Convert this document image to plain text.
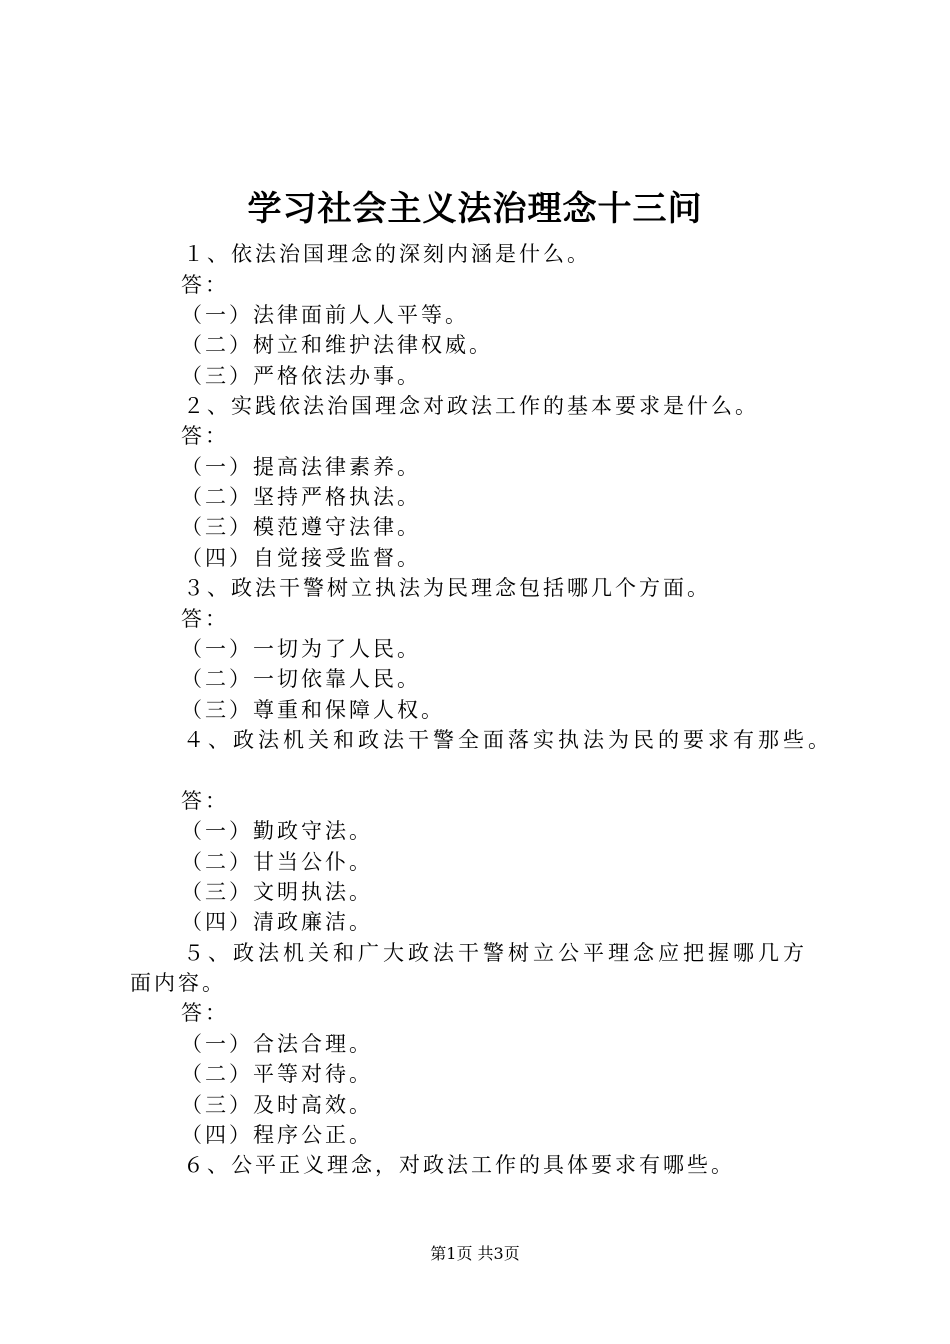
学习社会主义法治理念十三问
１、依法治国理念的深刻内涵是什么。
答：
（一）法律面前人人平等。
（二）树立和维护法律权威。
（三）严格依法办事。
２、实践依法治国理念对政法工作的基本要求是什么。
答：
（一）提高法律素养。
（二）坚持严格执法。
（三）模范遵守法律。
（四）自觉接受监督。
３、政法干警树立执法为民理念包括哪几个方面。
答：
（一）一切为了人民。
（二）一切依靠人民。
（三）尊重和保障人权。
４、政法机关和政法干警全面落实执法为民的要求有那些。
答：
（一）勤政守法。
（二）甘当公仆。
（三）文明执法。
（四）清政廉洁。
５、政法机关和广大政法干警树立公平理念应把握哪几方
面内容。
答：
（一）合法合理。
（二）平等对待。
（三）及时高效。
（四）程序公正。
６、公平正义理念，对政法工作的具体要求有哪些。
第1页 共3页
